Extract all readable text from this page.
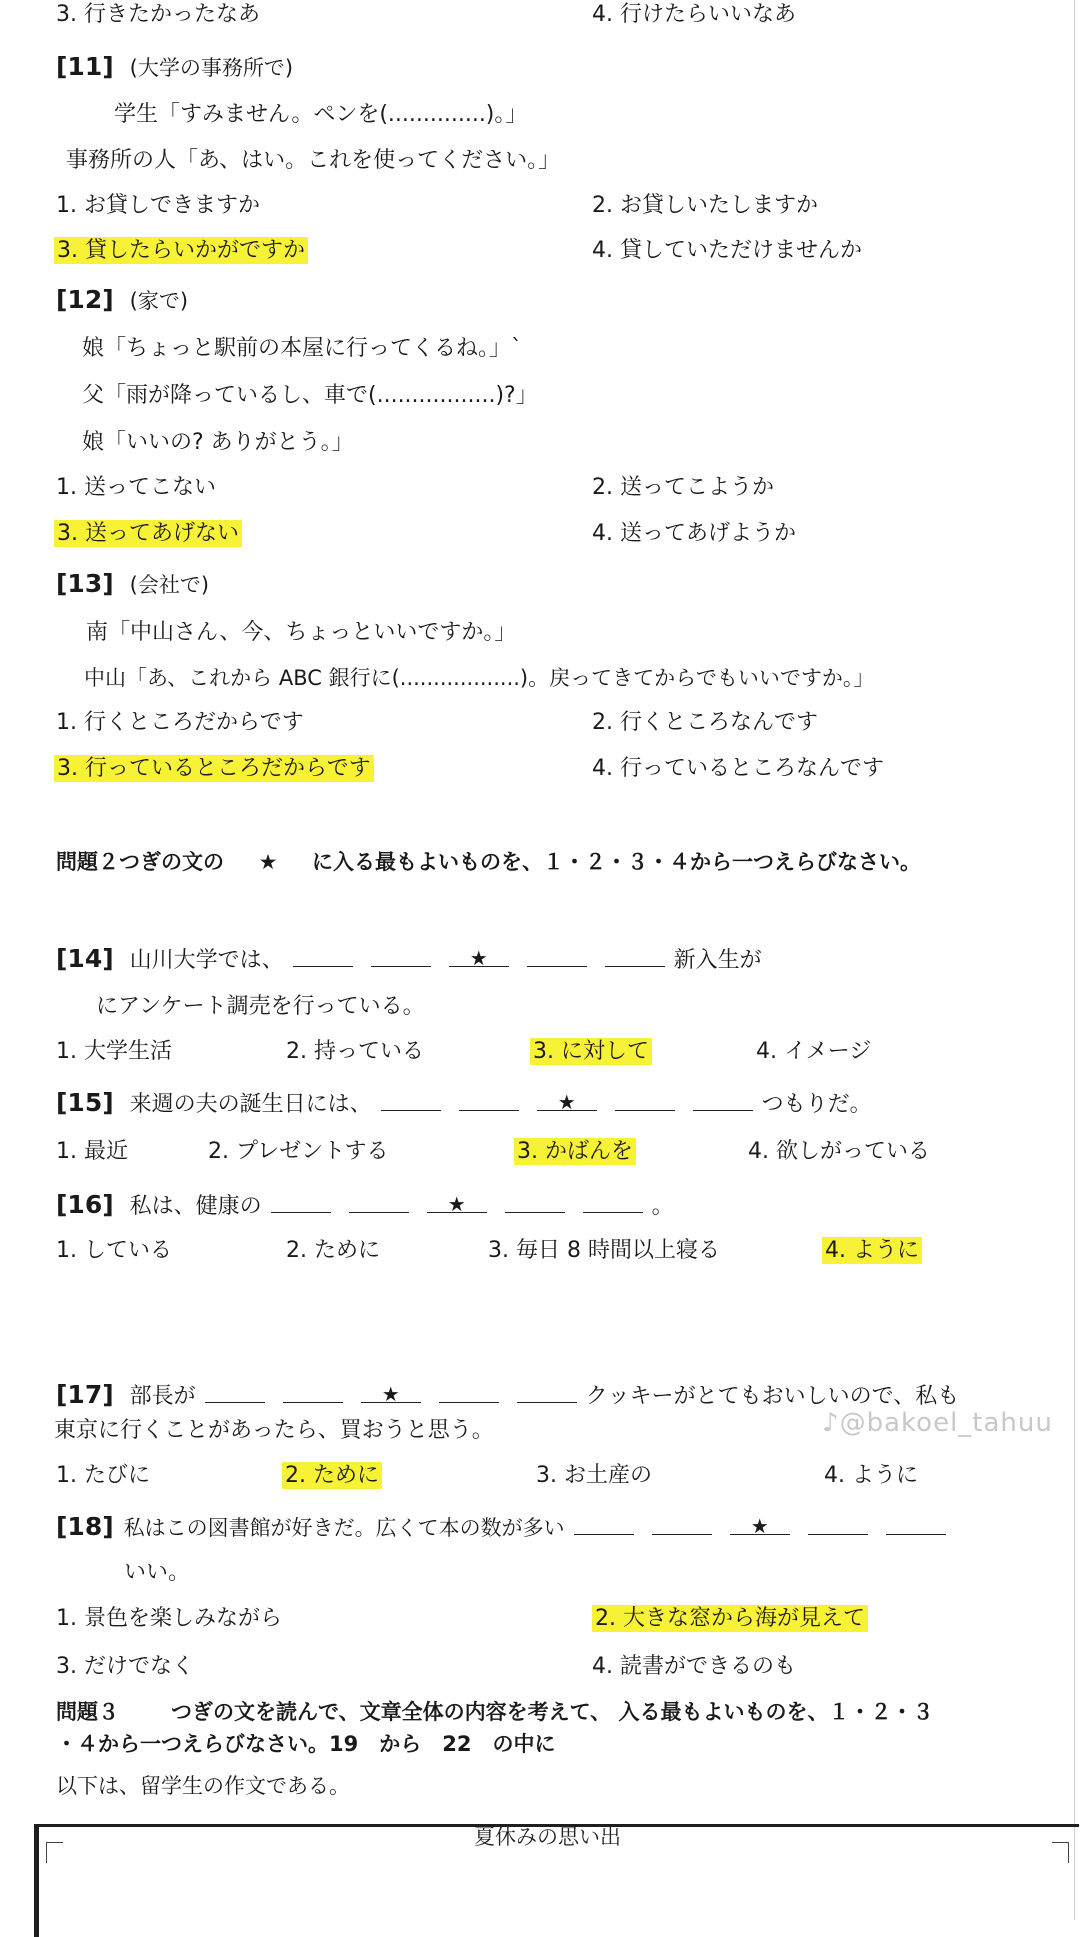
3. 行きたかったなあ	4. 行けたらいいなあ
[11] (大学の事務所で)
学生「すみません。ペンを(..............)。」
事務所の人「あ、はい。これを使ってください。」
1. お貸しできますか	2. お貸しいたしますか
3. 貸したらいかがですか	4. 貸していただけませんか
[12] (家で)
娘「ちょっと駅前の本屋に行ってくるね。」`
父「雨が降っているし、車で(.................)?」
娘「いいの? ありがとう。」
1. 送ってこない	2. 送ってこようか
3. 送ってあげない	4. 送ってあげようか
[13] (会社で)
南「中山さん、今、ちょっといいですか。」
中山「あ、これから ABC 銀行に(..................)。戻ってきてからでもいいですか。」
1. 行くところだからです	2. 行くところなんです
3. 行っているところだからです	4. 行っているところなんです
問題２つぎの文の ★ に入る最もよいものを、１・２・３・４から一つえらびなさい。
[14] 山川大学では、	★	新入生が
にアンケート調売を行っている。
1. 大学生活	2. 持っている	3. に対して	4. イメージ
[15] 来週の夫の誕生日には、	★	つもりだ。
1. 最近	2. プレゼントする	3. かばんを	4. 欲しがっている
[16] 私は、健康の	★	。
1. している	2. ために	3. 毎日 8 時間以上寝る	4. ように
[17] 部長が	★	クッキーがとてもおいしいので、私も
東京に行くことがあったら、買おうと思う。	♪@bakoel_tahuu
1. たびに	2. ために	3. お土産の	4. ように
[18] 私はこの図書館が好きだ。広くて本の数が多い	★
いい。
1. 景色を楽しみながら	2. 大きな窓から海が見えて
3. だけでなく	4. 読書ができるのも
問題３ つぎの文を読んで、文章全体の内容を考えて、 入る最もよいものを、１・２・３
・４から一つえらびなさい。19　から　22　の中に
以下は、留学生の作文である。
夏休みの思い出
